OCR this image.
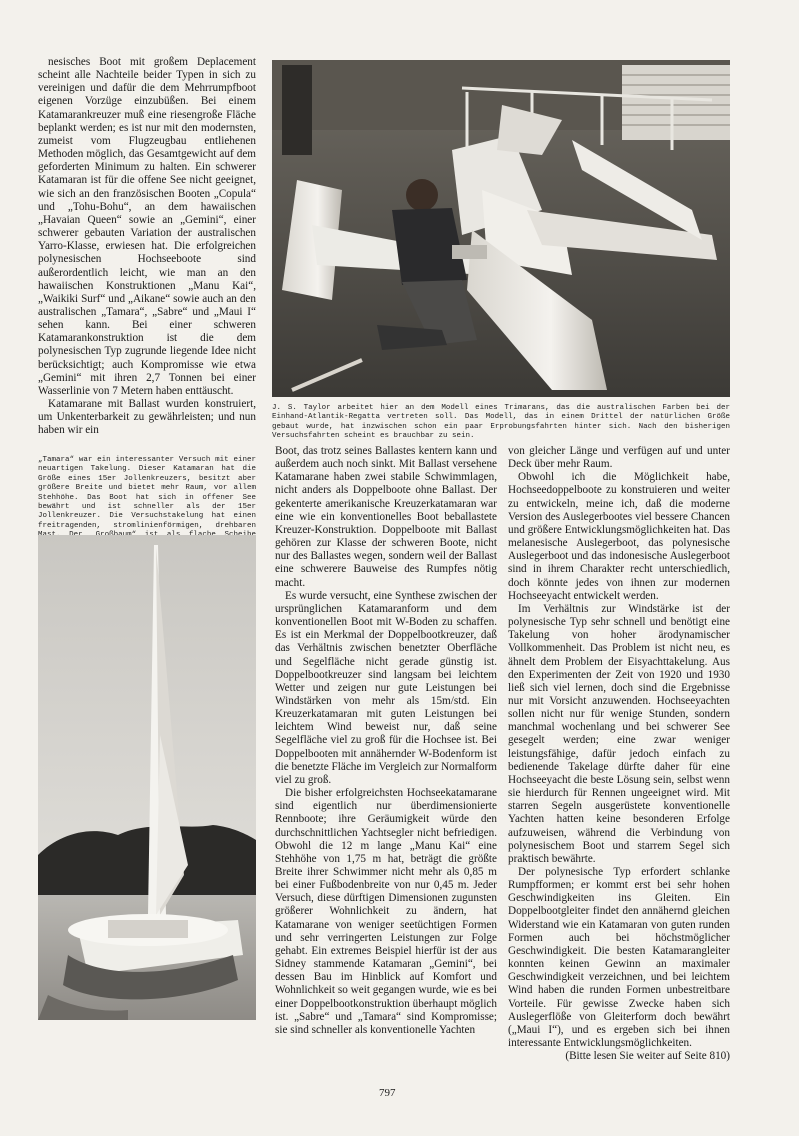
nesisches Boot mit großem Deplacement scheint alle Nachteile beider Typen in sich zu vereinigen und dafür die dem Mehrrumpfboot eigenen Vorzüge einzubüßen. Bei einem Katamarankreuzer muß eine riesengroße Fläche beplankt werden; es ist nur mit den modernsten, zumeist vom Flugzeugbau entliehenen Methoden möglich, das Gesamtgewicht auf dem geforderten Minimum zu halten. Ein schwerer Katamaran ist für die offene See nicht geeignet, wie sich an den französischen Booten „Copula“ und „Tohu-Bohu“, an dem hawaiischen „Havaian Queen“ sowie an „Gemini“, einer schwerer gebauten Variation der australischen Yarro-Klasse, erwiesen hat. Die erfolgreichen polynesischen Hochseeboote sind außerordentlich leicht, wie man an den hawaiischen Konstruktionen „Manu Kai“, „Waikiki Surf“ und „Aikane“ sowie auch an den australischen „Tamara“, „Sabre“ und „Maui I“ sehen kann. Bei einer schweren Katamarankonstruktion ist die dem polynesischen Typ zugrunde liegende Idee nicht berücksichtigt; auch Kompromisse wie etwa „Gemini“ mit ihren 2,7 Tonnen bei einer Wasserlinie von 7 Metern haben enttäuscht.

Katamarane mit Ballast wurden konstruiert, um Unkenterbarkeit zu gewährleisten; und nun haben wir ein

J. S. Taylor arbeitet hier an dem Modell eines Trimarans, das die australischen Farben bei der Einhand-Atlantik-Regatta vertreten soll. Das Modell, das in einem Drittel der natürlichen Größe gebaut wurde, hat inzwischen schon ein paar Erprobungsfahrten hinter sich. Nach den bisherigen Versuchsfahrten scheint es brauchbar zu sein.
„Tamara“ war ein interessanter Versuch mit einer neuartigen Takelung. Dieser Katamaran hat die Größe eines 15er Jollenkreuzers, besitzt aber größere Breite und bietet mehr Raum, vor allem Stehhöhe. Das Boot hat sich in offener See bewährt und ist schneller als der 15er Jollenkreuzer. Die Versuchstakelung hat einen freitragenden, stromlinienförmigen, drehbaren

Boot, das trotz seines Ballastes kentern kann und außerdem auch noch sinkt. Mit Ballast versehene Katamarane haben zwei stabile Schwimmlagen, nicht anders als Doppelboote ohne Ballast. Der gekenterte amerikanische Kreuzerkatamaran war eine wie ein konventionelles Boot beballastete Kreuzer-Konstruktion. Doppelboote mit Ballast gehören zur Klasse der schweren Boote, nicht nur des Ballastes wegen, sondern weil der Ballast eine schwerere Bauweise des Rumpfes nötig macht.

Es wurde versucht, eine Synthese zwischen der ursprünglichen Katamaranform und dem konventionellen Boot mit W-Boden zu schaffen. Es ist ein Merkmal der Doppelbootkreuzer, daß das Verhältnis zwischen benetzter Oberfläche und Segelfläche nicht gerade günstig ist. Doppelbootkreuzer sind langsam bei leichtem Wetter und zeigen nur gute Leistungen bei Windstärken von mehr als 15m/std. Ein Kreuzerkatamaran mit guten Leistungen bei leichtem Wind beweist nur, daß seine Segelfläche viel zu groß für die Hochsee ist. Bei Doppelbooten mit annähernder W-Bodenform ist die benetzte Fläche im Vergleich zur Normalform viel zu groß.

Die bisher erfolgreichsten Hochseekatamarane sind eigentlich nur überdimensionierte Rennboote; ihre Geräumigkeit würde den durchschnittlichen Yachtsegler nicht befriedigen. Obwohl die 12 m lange „Manu Kai“ eine Stehhöhe von 1,75 m hat, beträgt die größte Breite ihrer Schwimmer nicht mehr als 0,85 m bei einer Fußbodenbreite von nur 0,45 m. Jeder Versuch, diese dürftigen Dimensionen zugunsten größerer Wohnlichkeit zu ändern, hat Katamarane von weniger seetüchtigen Formen und sehr verringerten Leistungen zur Folge gehabt. Ein extremes Beispiel hierfür ist der aus Sidney stammende Katamaran „Gemini“, bei dessen Bau im Hinblick auf Komfort und Wohnlichkeit so weit gegangen wurde, wie es bei einer Doppelbootkonstruktion überhaupt möglich ist. „Sabre“ und „Tamara“ sind Kompromisse; sie sind schneller als konventionelle Yachten

von gleicher Länge und verfügen auf und unter Deck über mehr Raum.

Obwohl ich die Möglichkeit habe, Hochseedoppelboote zu konstruieren und weiter zu entwickeln, meine ich, daß die moderne Version des Auslegerbootes viel bessere Chancen und größere Entwicklungsmöglichkeiten hat. Das melanesische Auslegerboot, das polynesische Auslegerboot und das indonesische Auslegerboot sind in ihrem Charakter recht unterschiedlich, doch könnte jedes von ihnen zur modernen Hochseeyacht entwickelt werden.

Im Verhältnis zur Windstärke ist der polynesische Typ sehr schnell und benötigt eine Takelung von hoher ärodynamischer Vollkommenheit. Das Problem ist nicht neu, es ähnelt dem Problem der Eisyachttakelung. Aus den Experimenten der Zeit von 1920 und 1930 ließ sich viel lernen, doch sind die Ergebnisse nur mit Vorsicht anzuwenden. Hochseeyachten sollen nicht nur für wenige Stunden, sondern manchmal wochenlang und bei schwerer See gesegelt werden; eine zwar weniger leistungsfähige, dafür jedoch einfach zu bedienende Takelage dürfte daher für eine Hochseeyacht die beste Lösung sein, selbst wenn sie hierdurch für Rennen ungeeignet wird. Mit starren Segeln ausgerüstete konventionelle Yachten hatten keine besonderen Erfolge aufzuweisen, während die Verbindung von polynesischem Boot und starrem Segel sich praktisch bewährte.

Der polynesische Typ erfordert schlanke Rumpfformen; er kommt erst bei sehr hohen Geschwindigkeiten ins Gleiten. Ein Doppelbootgleiter findet den annähernd gleichen Widerstand wie ein Katamaran von guten runden Formen auch bei höchstmöglicher Geschwindigkeit. Die besten Katamarangleiter konnten keinen Gewinn an maximaler Geschwindigkeit verzeichnen, und bei leichtem Wind haben die runden Formen unbestreitbare Vorteile. Für gewisse Zwecke haben sich Auslegerflöße von Gleiterform doch bewährt („Maui I“), und es ergeben sich bei ihnen interessante Entwicklungsmöglichkeiten.

(Bitte lesen Sie weiter auf Seite 810)

797
